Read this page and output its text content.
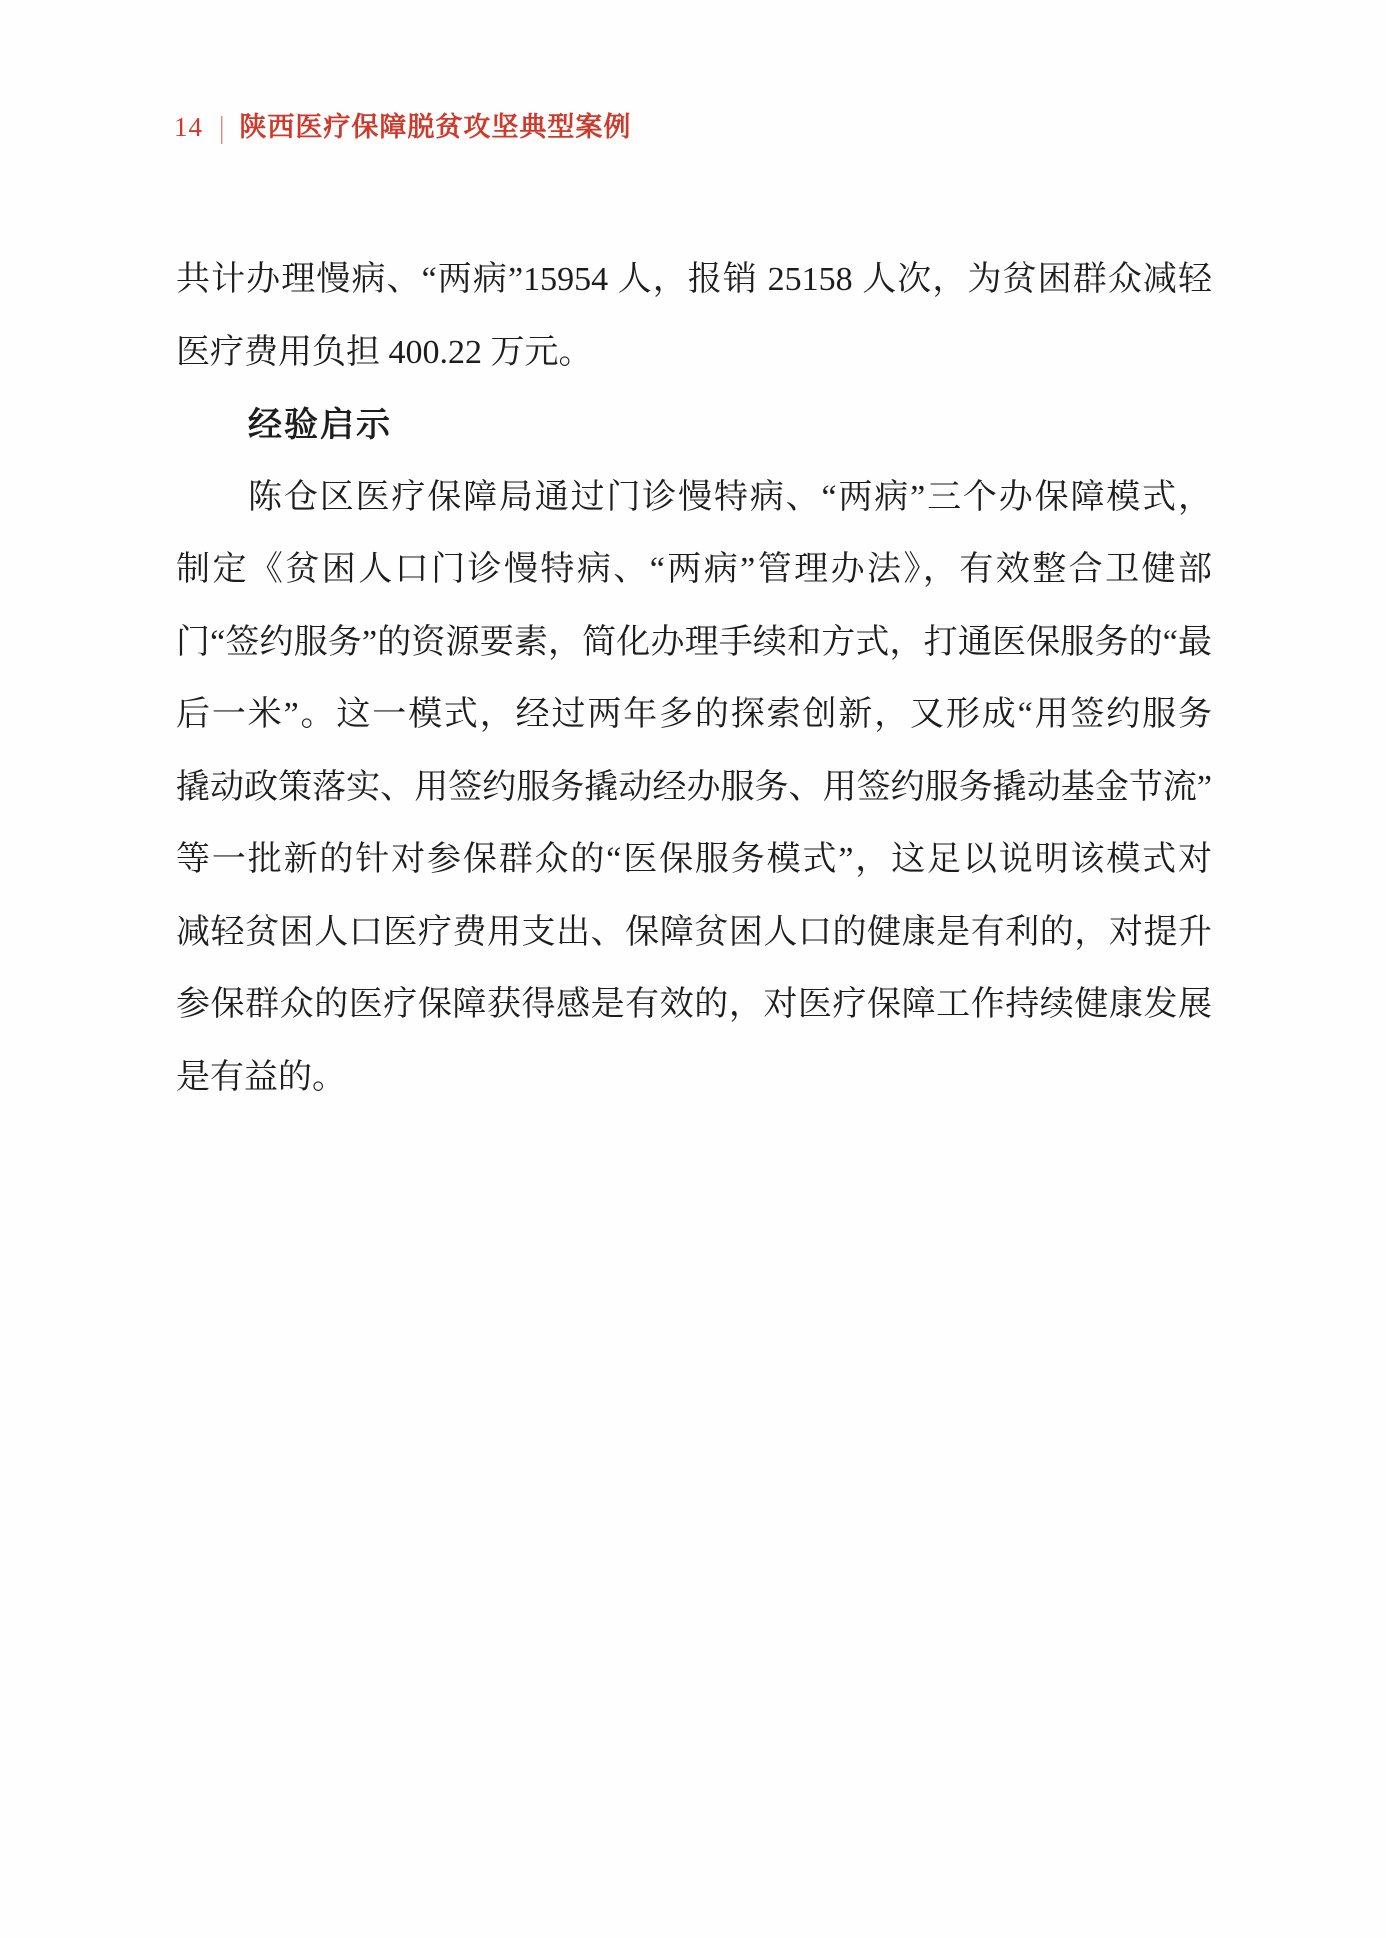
14 | 陕西医疗保障脱贫攻坚典型案例
共计办理慢病、“两病”15954 人，报销 25158 人次，为贫困群众减轻
医疗费用负担 400.22 万元。
经验启示
陈仓区医疗保障局通过门诊慢特病、“两病”三个办保障模式，
制定《贫困人口门诊慢特病、“两病”管理办法》，有效整合卫健部
门“签约服务”的资源要素，简化办理手续和方式，打通医保服务的“最
后一米”。这一模式，经过两年多的探索创新，又形成“用签约服务
撬动政策落实、用签约服务撬动经办服务、用签约服务撬动基金节流”
等一批新的针对参保群众的“医保服务模式”，这足以说明该模式对
减轻贫困人口医疗费用支出、保障贫困人口的健康是有利的，对提升
参保群众的医疗保障获得感是有效的，对医疗保障工作持续健康发展
是有益的。
